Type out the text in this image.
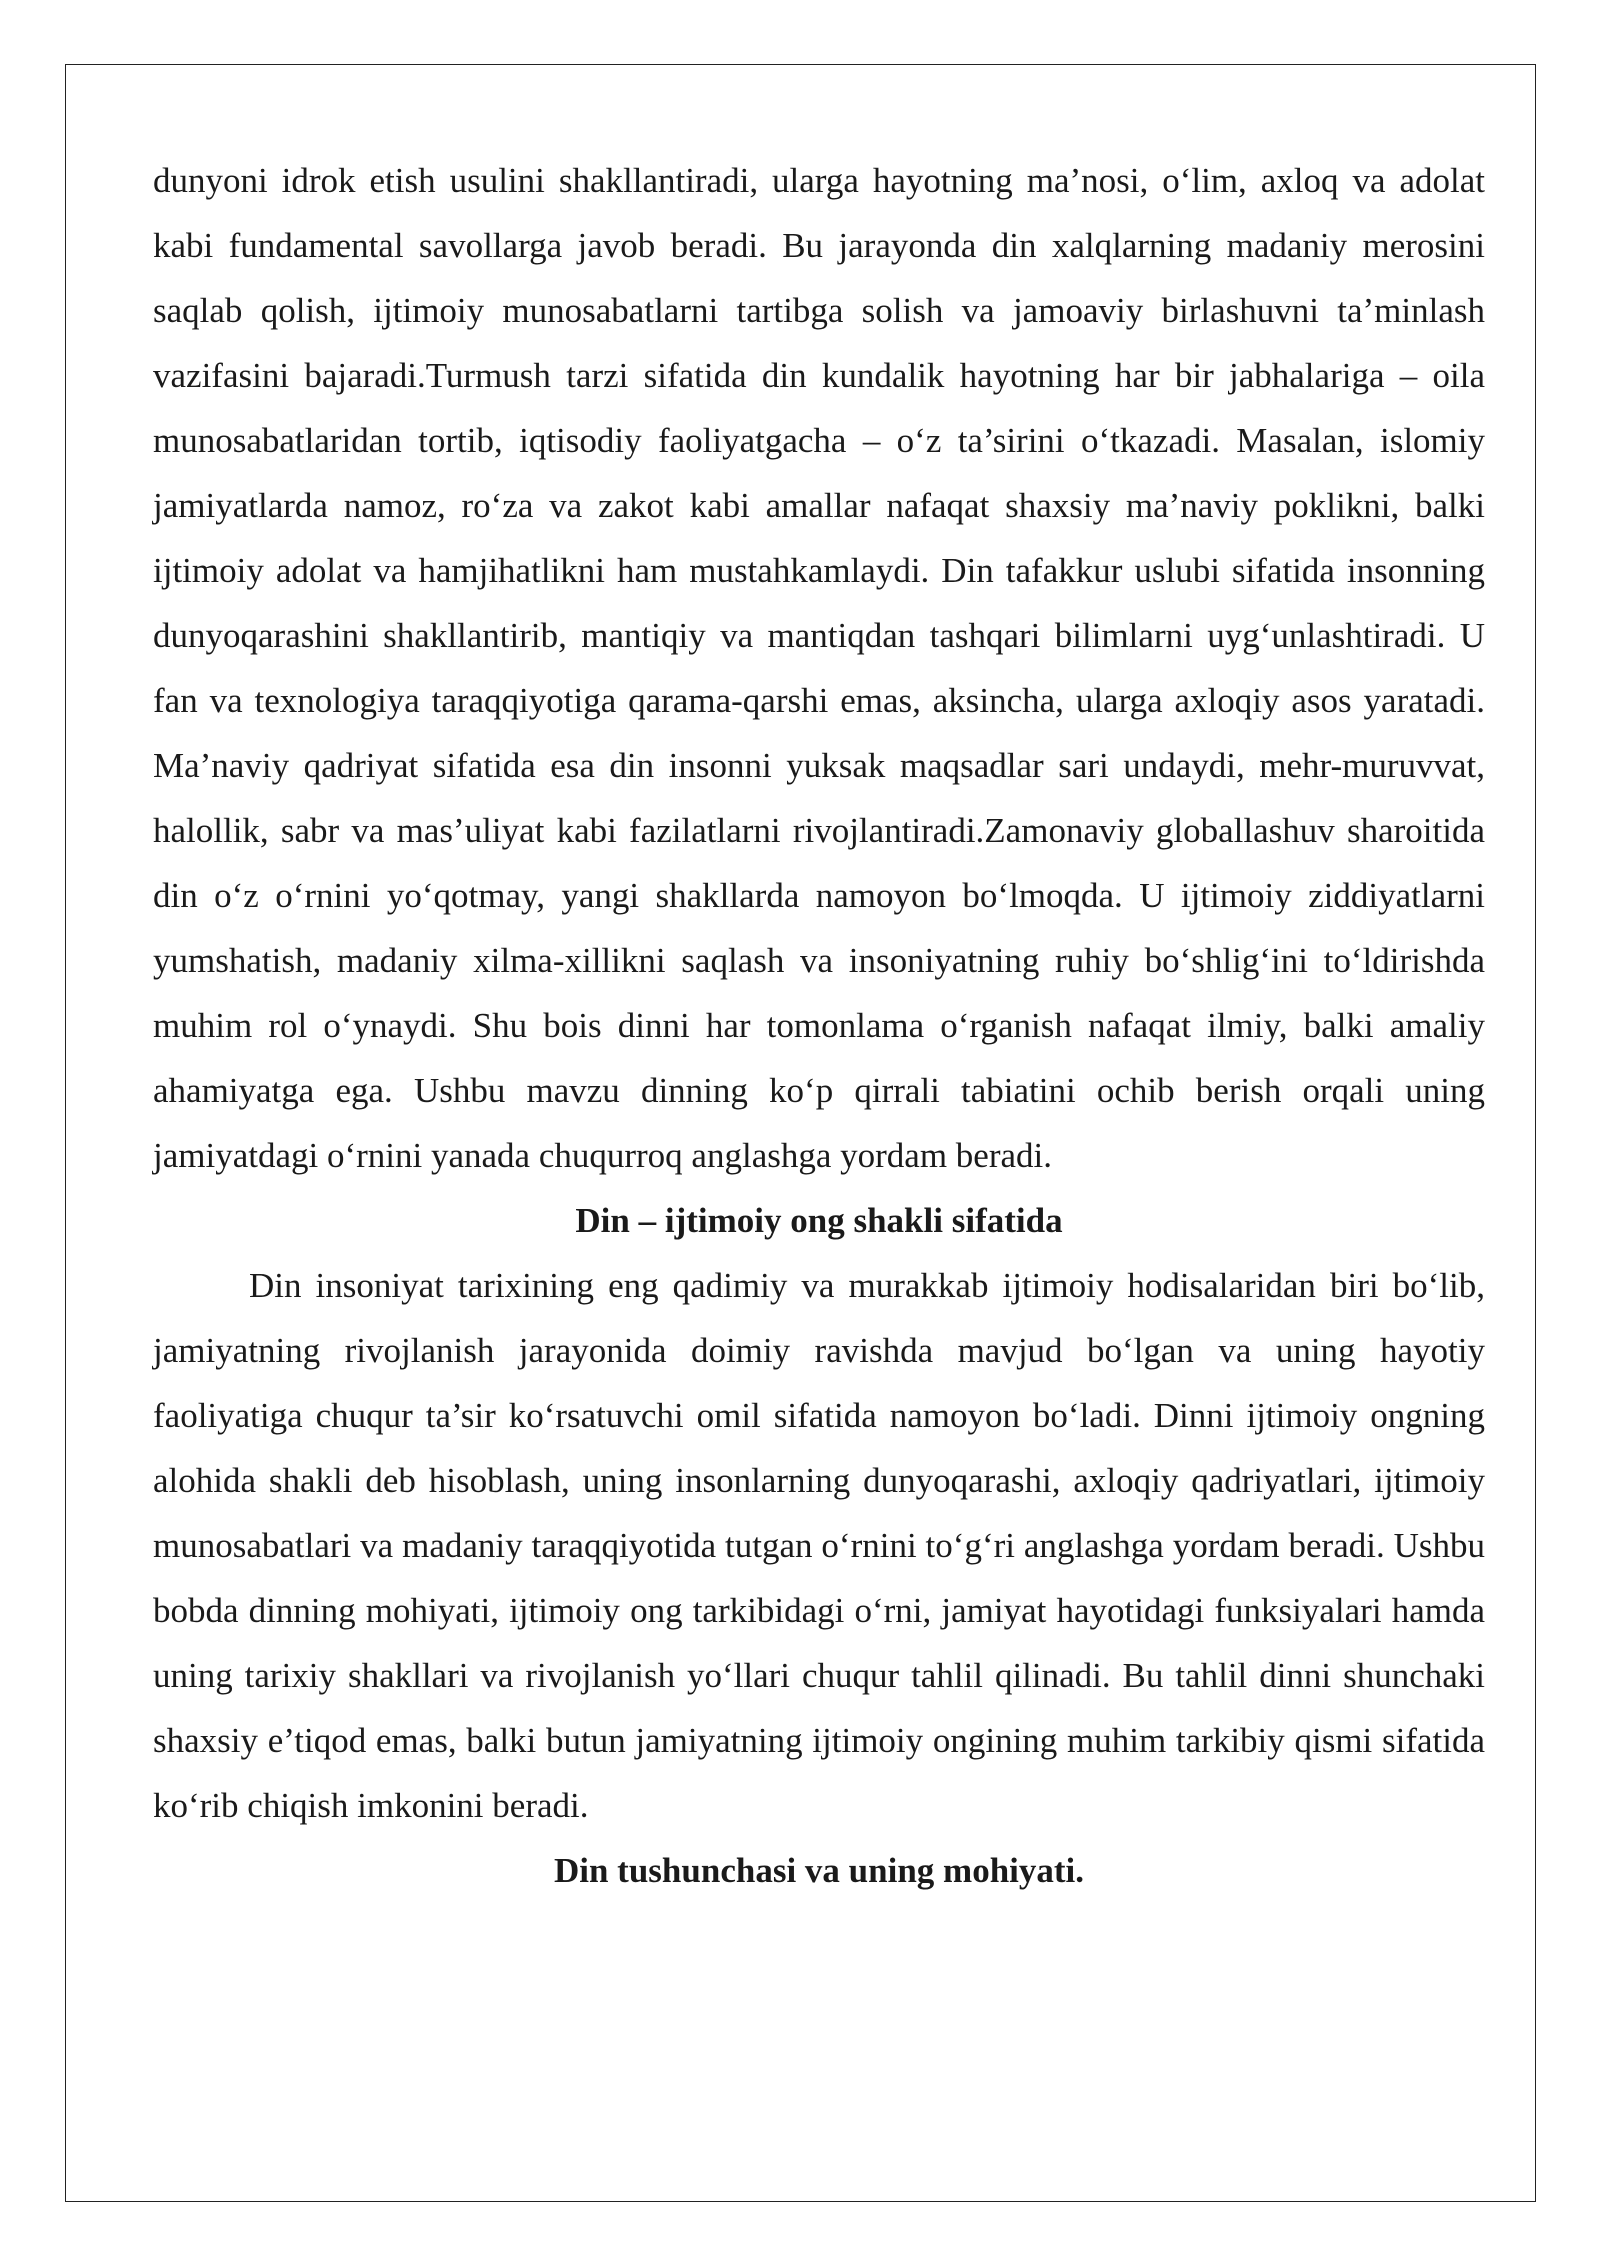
dunyoni idrok etish usulini shakllantiradi, ularga hayotning ma’nosi, o‘lim, axloq va adolat kabi fundamental savollarga javob beradi. Bu jarayonda din xalqlarning madaniy merosini saqlab qolish, ijtimoiy munosabatlarni tartibga solish va jamoaviy birlashuvni ta’minlash vazifasini bajaradi.Turmush tarzi sifatida din kundalik hayotning har bir jabhalariga – oila munosabatlaridan tortib, iqtisodiy faoliyatgacha – o‘z ta’sirini o‘tkazadi. Masalan, islomiy jamiyatlarda namoz, ro‘za va zakot kabi amallar nafaqat shaxsiy ma’naviy poklikni, balki ijtimoiy adolat va hamjihatlikni ham mustahkamlaydi. Din tafakkur uslubi sifatida insonning dunyoqarashini shakllantirib, mantiqiy va mantiqdan tashqari bilimlarni uyg‘unlashtiradi. U fan va texnologiya taraqqiyotiga qarama-qarshi emas, aksincha, ularga axloqiy asos yaratadi. Ma’naviy qadriyat sifatida esa din insonni yuksak maqsadlar sari undaydi, mehr-muruvvat, halollik, sabr va mas’uliyat kabi fazilatlarni rivojlantiradi.Zamonaviy globallashuv sharoitida din o‘z o‘rnini yo‘qotmay, yangi shakllarda namoyon bo‘lmoqda. U ijtimoiy ziddiyatlarni yumshatish, madaniy xilma-xillikni saqlash va insoniyatning ruhiy bo‘shlig‘ini to‘ldirishda muhim rol o‘ynaydi. Shu bois dinni har tomonlama o‘rganish nafaqat ilmiy, balki amaliy ahamiyatga ega. Ushbu mavzu dinning ko‘p qirrali tabiatini ochib berish orqali uning jamiyatdagi o‘rnini yanada chuqurroq anglashga yordam beradi.

Din – ijtimoiy ong shakli sifatida

Din insoniyat tarixining eng qadimiy va murakkab ijtimoiy hodisalaridan biri bo‘lib, jamiyatning rivojlanish jarayonida doimiy ravishda mavjud bo‘lgan va uning hayotiy faoliyatiga chuqur ta’sir ko‘rsatuvchi omil sifatida namoyon bo‘ladi. Dinni ijtimoiy ongning alohida shakli deb hisoblash, uning insonlarning dunyoqarashi, axloqiy qadriyatlari, ijtimoiy munosabatlari va madaniy taraqqiyotida tutgan o‘rnini to‘g‘ri anglashga yordam beradi. Ushbu bobda dinning mohiyati, ijtimoiy ong tarkibidagi o‘rni, jamiyat hayotidagi funksiyalari hamda uning tarixiy shakllari va rivojlanish yo‘llari chuqur tahlil qilinadi. Bu tahlil dinni shunchaki shaxsiy e’tiqod emas, balki butun jamiyatning ijtimoiy ongining muhim tarkibiy qismi sifatida ko‘rib chiqish imkonini beradi.

Din tushunchasi va uning mohiyati.
